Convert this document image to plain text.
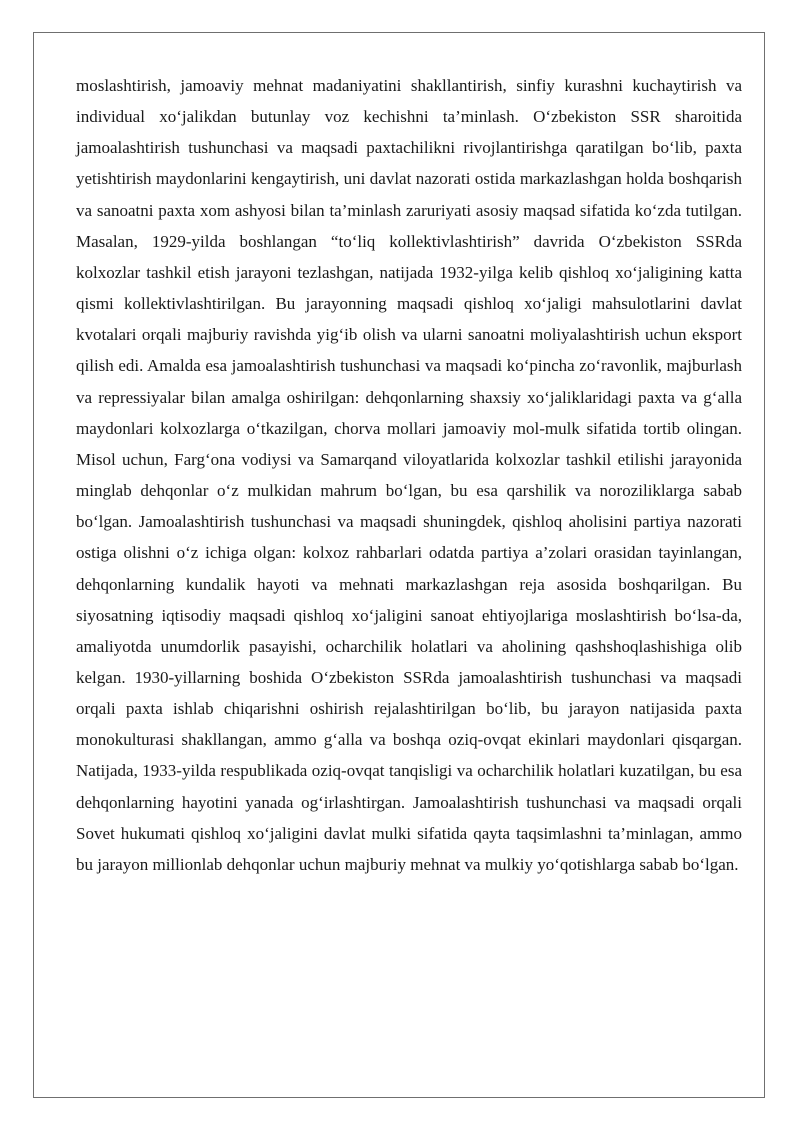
moslashtirish, jamoaviy mehnat madaniyatini shakllantirish, sinfiy kurashni kuchaytirish va individual xo‘jalikdan butunlay voz kechishni ta’minlash. O‘zbekiston SSR sharoitida jamoalashtirish tushunchasi va maqsadi paxtachilikni rivojlantirishga qaratilgan bo‘lib, paxta yetishtirish maydonlarini kengaytirish, uni davlat nazorati ostida markazlashgan holda boshqarish va sanoatni paxta xom ashyosi bilan ta’minlash zaruriyati asosiy maqsad sifatida ko‘zda tutilgan. Masalan, 1929-yilda boshlangan “to‘liq kollektivlashtirish” davrida O‘zbekiston SSRda kolxozlar tashkil etish jarayoni tezlashgan, natijada 1932-yilga kelib qishloq xo‘jaligining katta qismi kollektivlashtirilgan. Bu jarayonning maqsadi qishloq xo‘jaligi mahsulotlarini davlat kvotalari orqali majburiy ravishda yig‘ib olish va ularni sanoatni moliyalashtirish uchun eksport qilish edi. Amalda esa jamoalashtirish tushunchasi va maqsadi ko‘pincha zo‘ravonlik, majburlash va repressiyalar bilan amalga oshirilgan: dehqonlarning shaxsiy xo‘jaliklaridagi paxta va g‘alla maydonlari kolxozlarga o‘tkazilgan, chorva mollari jamoaviy mol-mulk sifatida tortib olingan. Misol uchun, Farg‘ona vodiysi va Samarqand viloyatlarida kolxozlar tashkil etilishi jarayonida minglab dehqonlar o‘z mulkidan mahrum bo‘lgan, bu esa qarshilik va noroziliklarga sabab bo‘lgan. Jamoalashtirish tushunchasi va maqsadi shuningdek, qishloq aholisini partiya nazorati ostiga olishni o‘z ichiga olgan: kolxoz rahbarlari odatda partiya a’zolari orasidan tayinlangan, dehqonlarning kundalik hayoti va mehnati markazlashgan reja asosida boshqarilgan. Bu siyosatning iqtisodiy maqsadi qishloq xo‘jaligini sanoat ehtiyojlariga moslashtirish bo‘lsa-da, amaliyotda unumdorlik pasayishi, ocharchilik holatlari va aholining qashshoqlashishiga olib kelgan. 1930-yillarning boshida O‘zbekiston SSRda jamoalashtirish tushunchasi va maqsadi orqali paxta ishlab chiqarishni oshirish rejalashtirilgan bo‘lib, bu jarayon natijasida paxta monokulturasi shakllangan, ammo g‘alla va boshqa oziq-ovqat ekinlari maydonlari qisqargan. Natijada, 1933-yilda respublikada oziq-ovqat tanqisligi va ocharchilik holatlari kuzatilgan, bu esa dehqonlarning hayotini yanada og‘irlashtirgan. Jamoalashtirish tushunchasi va maqsadi orqali Sovet hukumati qishloq xo‘jaligini davlat mulki sifatida qayta taqsimlashni ta’minlagan, ammo bu jarayon millionlab dehqonlar uchun majburiy mehnat va mulkiy yo‘qotishlarga sabab bo‘lgan.
